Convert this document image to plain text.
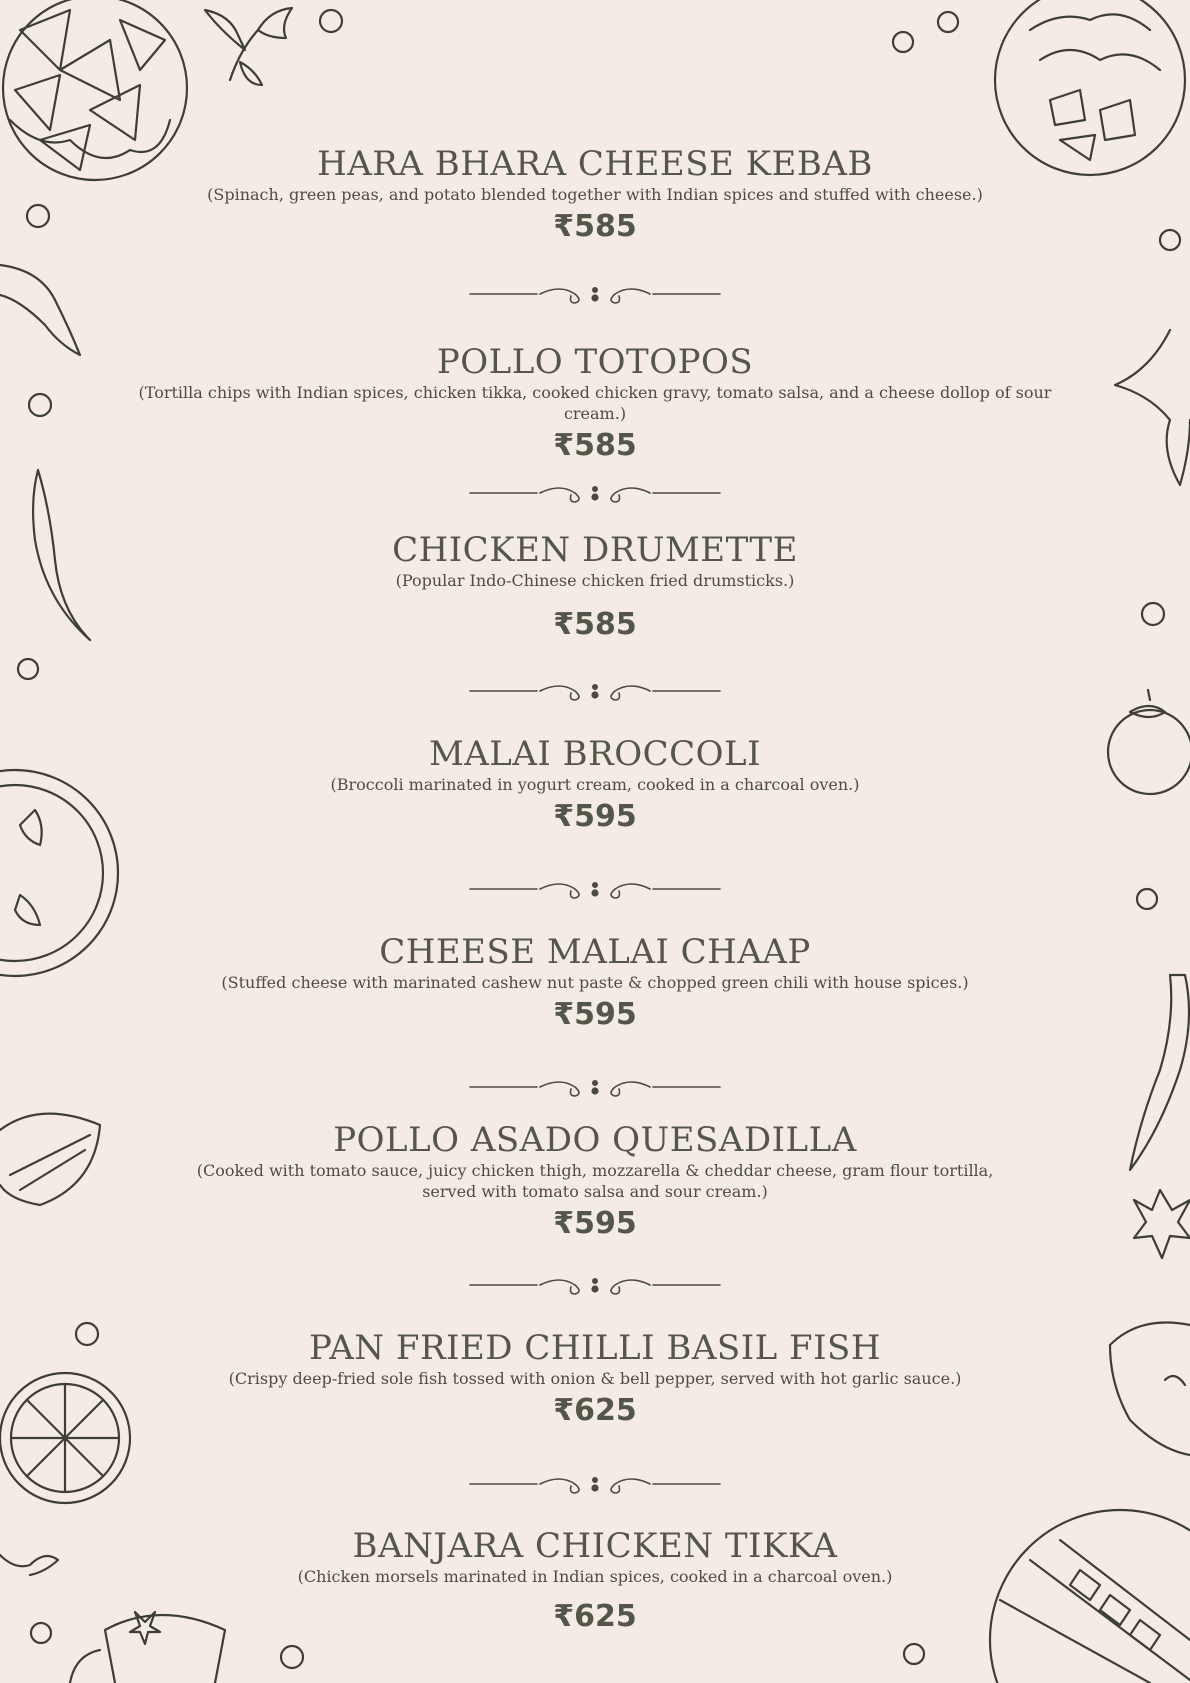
HARA BHARA CHEESE KEBAB

(Spinach, green peas, and potato blended together with Indian spices and stuffed with cheese.)

₹585
POLLO TOTOPOS

(Tortilla chips with Indian spices, chicken tikka, cooked chicken gravy, tomato salsa, and a cheese dollop of sour cream.)

₹585
CHICKEN DRUMETTE

(Popular Indo-Chinese chicken fried drumsticks.)

₹585
MALAI BROCCOLI

(Broccoli marinated in yogurt cream, cooked in a charcoal oven.)

₹595
CHEESE MALAI CHAAP

(Stuffed cheese with marinated cashew nut paste & chopped green chili with house spices.)

₹595
POLLO ASADO QUESADILLA

(Cooked with tomato sauce, juicy chicken thigh, mozzarella & cheddar cheese, gram flour tortilla, served with tomato salsa and sour cream.)

₹595
PAN FRIED CHILLI BASIL FISH

(Crispy deep-fried sole fish tossed with onion & bell pepper, served with hot garlic sauce.)

₹625
BANJARA CHICKEN TIKKA

(Chicken morsels marinated in Indian spices, cooked in a charcoal oven.)

₹625
